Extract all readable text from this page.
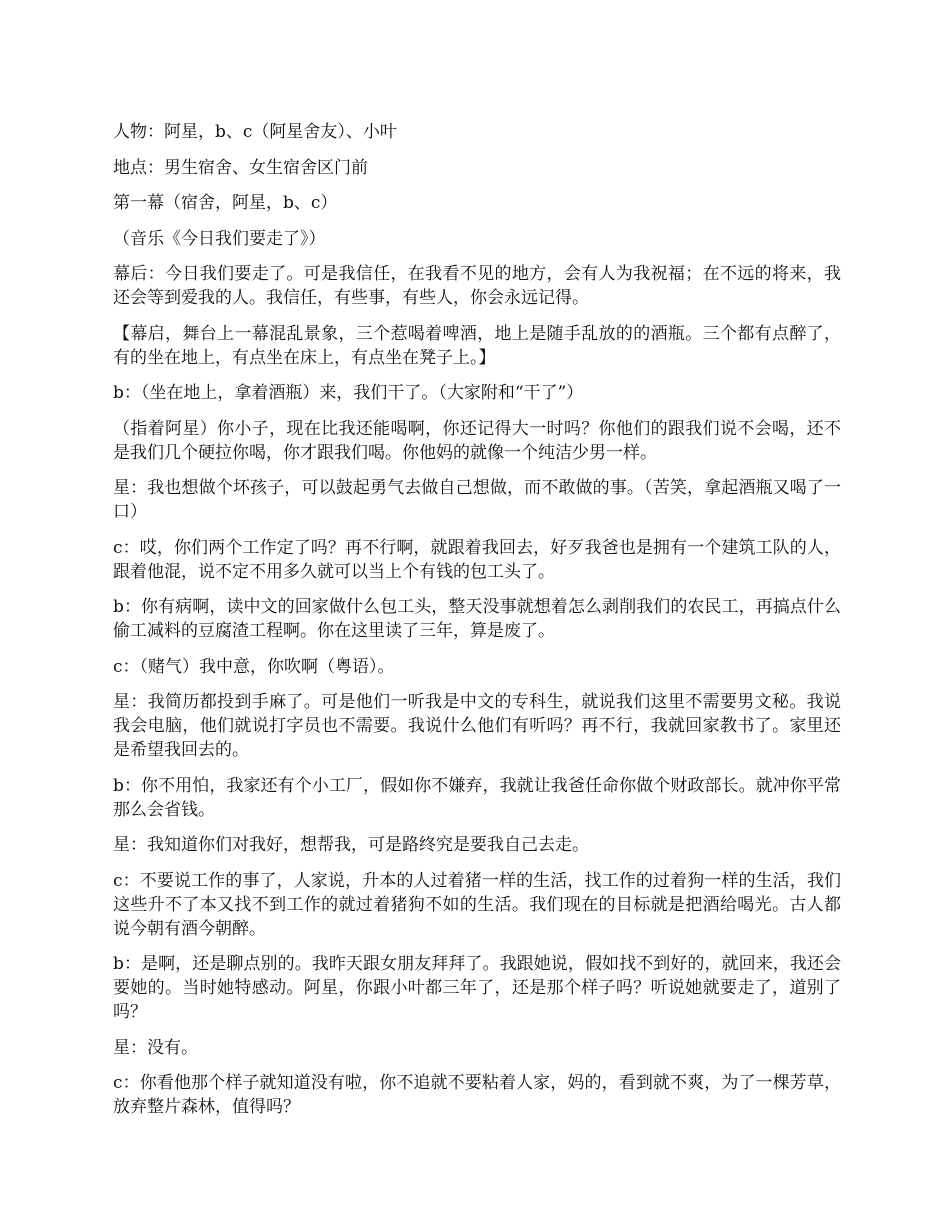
人物：阿星，b、c（阿星舍友）、小叶

地点：男生宿舍、女生宿舍区门前

第一幕（宿舍，阿星，b、c）

（音乐《今日我们要走了》）

幕后：今日我们要走了。可是我信任，在我看不见的地方，会有人为我祝福；在不远的将来，我还会等到爱我的人。我信任，有些事，有些人，你会永远记得。

【幕启，舞台上一幕混乱景象，三个惹喝着啤酒，地上是随手乱放的的酒瓶。三个都有点醉了，有的坐在地上，有点坐在床上，有点坐在凳子上。】

b：（坐在地上，拿着酒瓶）来，我们干了。（大家附和“干了”）

（指着阿星）你小子，现在比我还能喝啊，你还记得大一时吗？你他们的跟我们说不会喝，还不是我们几个硬拉你喝，你才跟我们喝。你他妈的就像一个纯洁少男一样。

星：我也想做个坏孩子，可以鼓起勇气去做自己想做，而不敢做的事。（苦笑，拿起酒瓶又喝了一口）

c：哎，你们两个工作定了吗？再不行啊，就跟着我回去，好歹我爸也是拥有一个建筑工队的人，跟着他混，说不定不用多久就可以当上个有钱的包工头了。

b：你有病啊，读中文的回家做什么包工头，整天没事就想着怎么剥削我们的农民工，再搞点什么偷工减料的豆腐渣工程啊。你在这里读了三年，算是废了。

c：（赌气）我中意，你吹啊（粤语）。

星：我简历都投到手麻了。可是他们一听我是中文的专科生，就说我们这里不需要男文秘。我说我会电脑，他们就说打字员也不需要。我说什么他们有听吗？再不行，我就回家教书了。家里还是希望我回去的。

b：你不用怕，我家还有个小工厂，假如你不嫌弃，我就让我爸任命你做个财政部长。就冲你平常那么会省钱。

星：我知道你们对我好，想帮我，可是路终究是要我自己去走。

c：不要说工作的事了，人家说，升本的人过着猪一样的生活，找工作的过着狗一样的生活，我们这些升不了本又找不到工作的就过着猪狗不如的生活。我们现在的目标就是把酒给喝光。古人都说今朝有酒今朝醉。

b：是啊，还是聊点别的。我昨天跟女朋友拜拜了。我跟她说，假如找不到好的，就回来，我还会要她的。当时她特感动。阿星，你跟小叶都三年了，还是那个样子吗？听说她就要走了，道别了吗？

星：没有。

c：你看他那个样子就知道没有啦，你不追就不要粘着人家，妈的，看到就不爽，为了一棵芳草，放弃整片森林，值得吗？
